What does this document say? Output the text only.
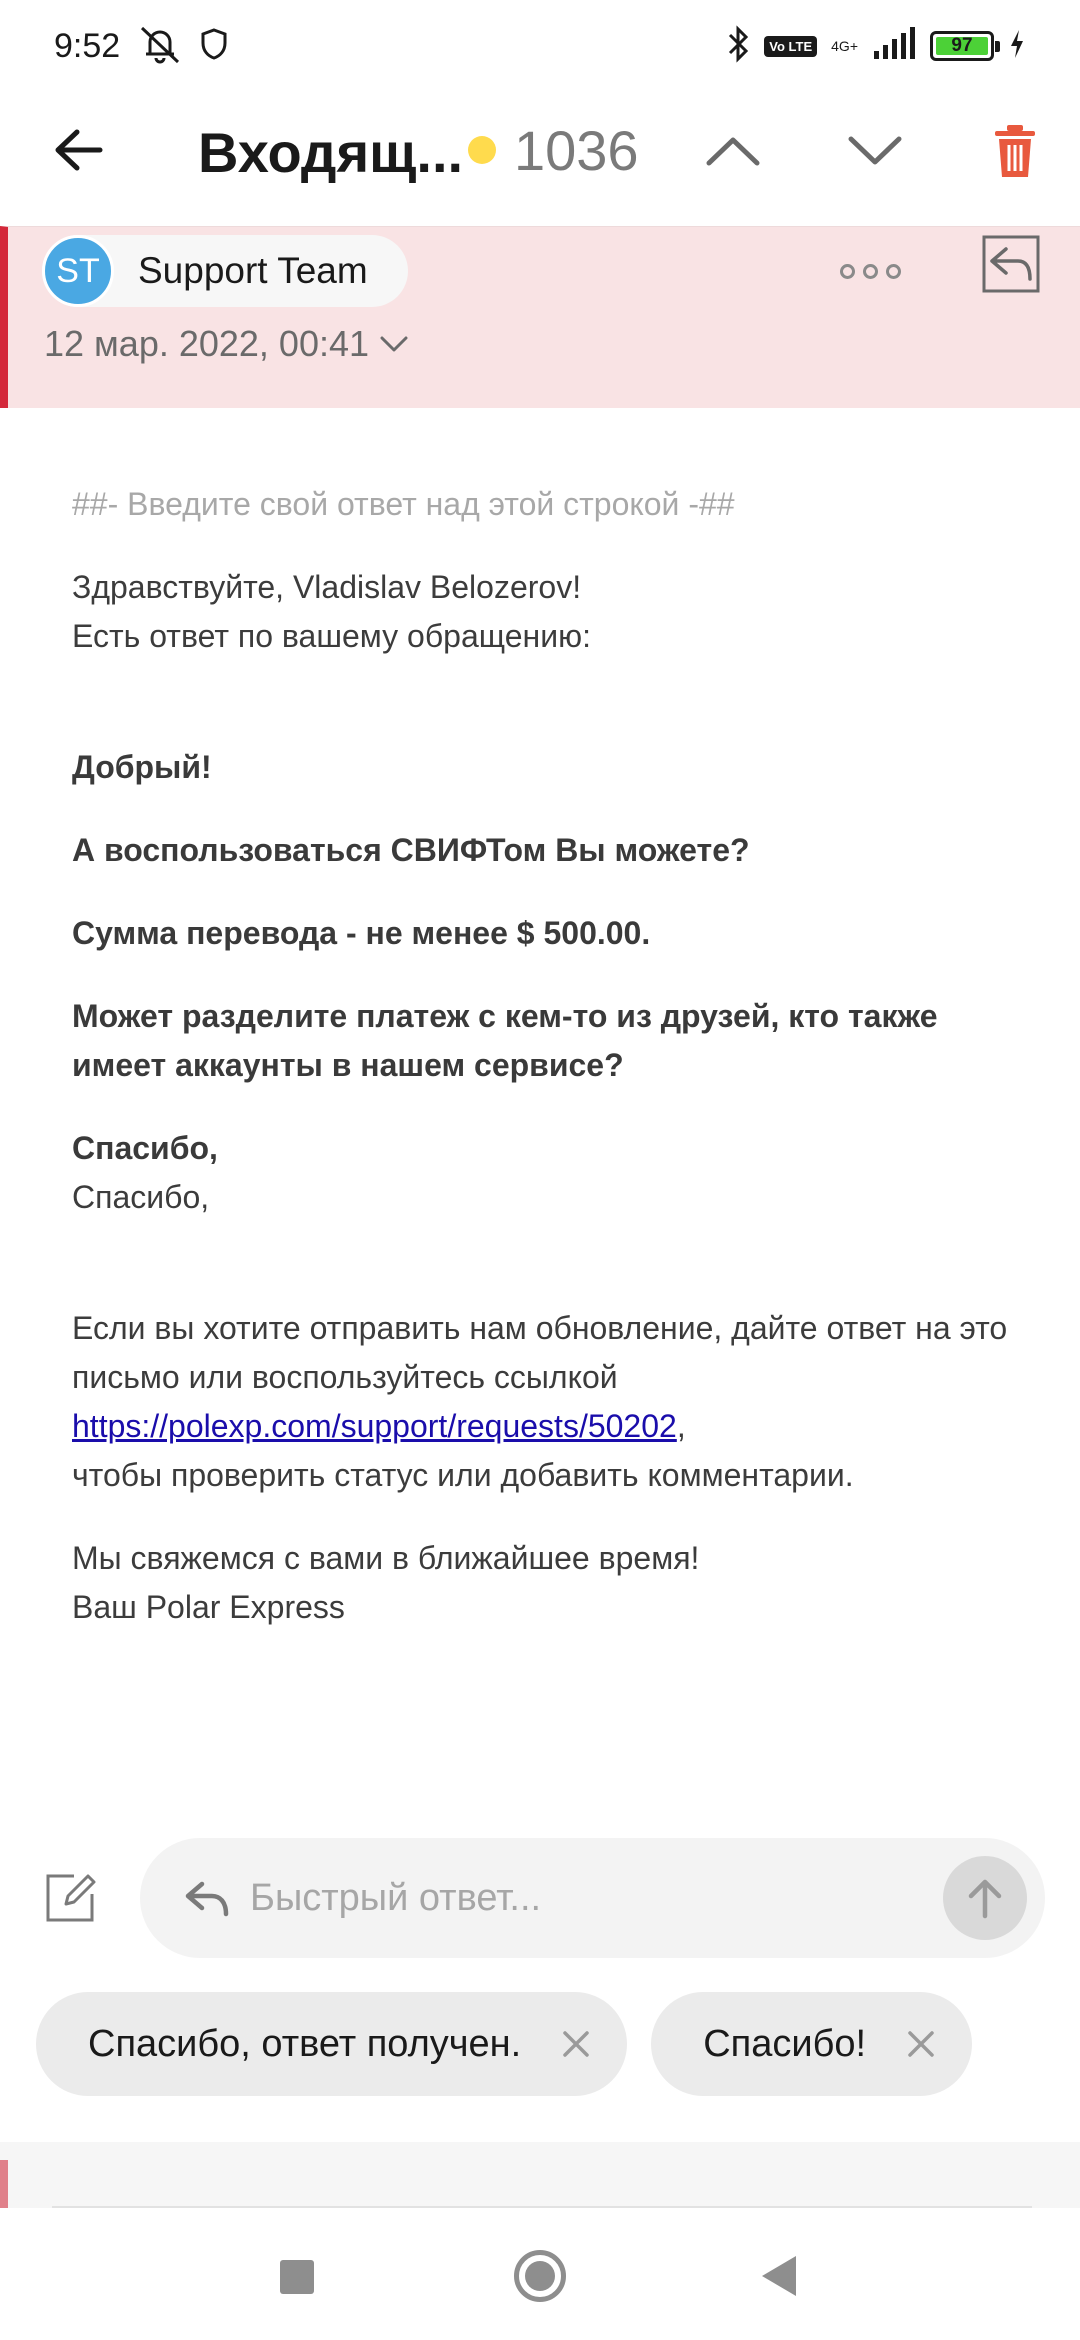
9:52	Vo LTE	4G+	97
Входящ... 1036
ST	Support Team
12 мар. 2022, 00:41
##- Введите свой ответ над этой строкой -##
Здравствуйте, Vladislav Belozerov!
Есть ответ по вашему обращению:
Добрый!
А воспользоваться СВИФТом Вы можете?
Сумма перевода - не менее $ 500.00.
Может разделите платеж с кем-то из друзей, кто также имеет аккаунты в нашем сервисе?
Спасибо,
Спасибо,
Если вы хотите отправить нам обновление, дайте ответ на это письмо или воспользуйтесь ссылкой
https://polexp.com/support/requests/50202,
чтобы проверить статус или добавить комментарии.
Мы свяжемся с вами в ближайшее время!
Ваш Polar Express
Быстрый ответ...
Спасибо, ответ получен.	Спасибо!
